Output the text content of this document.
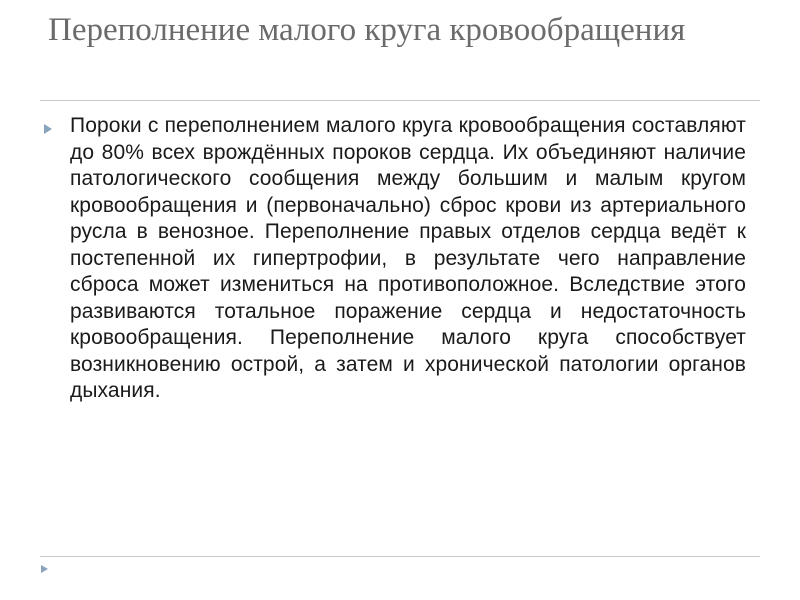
Переполнение малого круга кровообращения

Пороки с переполнением малого круга кровообращения составляют до 80% всех врождённых пороков сердца. Их объединяют наличие патологического сообщения между большим и малым кругом кровообращения и (первоначально) сброс крови из артериального русла в венозное. Переполнение правых отделов сердца ведёт к постепенной их гипертрофии, в результате чего направление сброса может измениться на противоположное. Вследствие этого развиваются тотальное поражение сердца и недостаточность кровообращения. Переполнение малого круга способствует возникновению острой, а затем и хронической патологии органов дыхания.
